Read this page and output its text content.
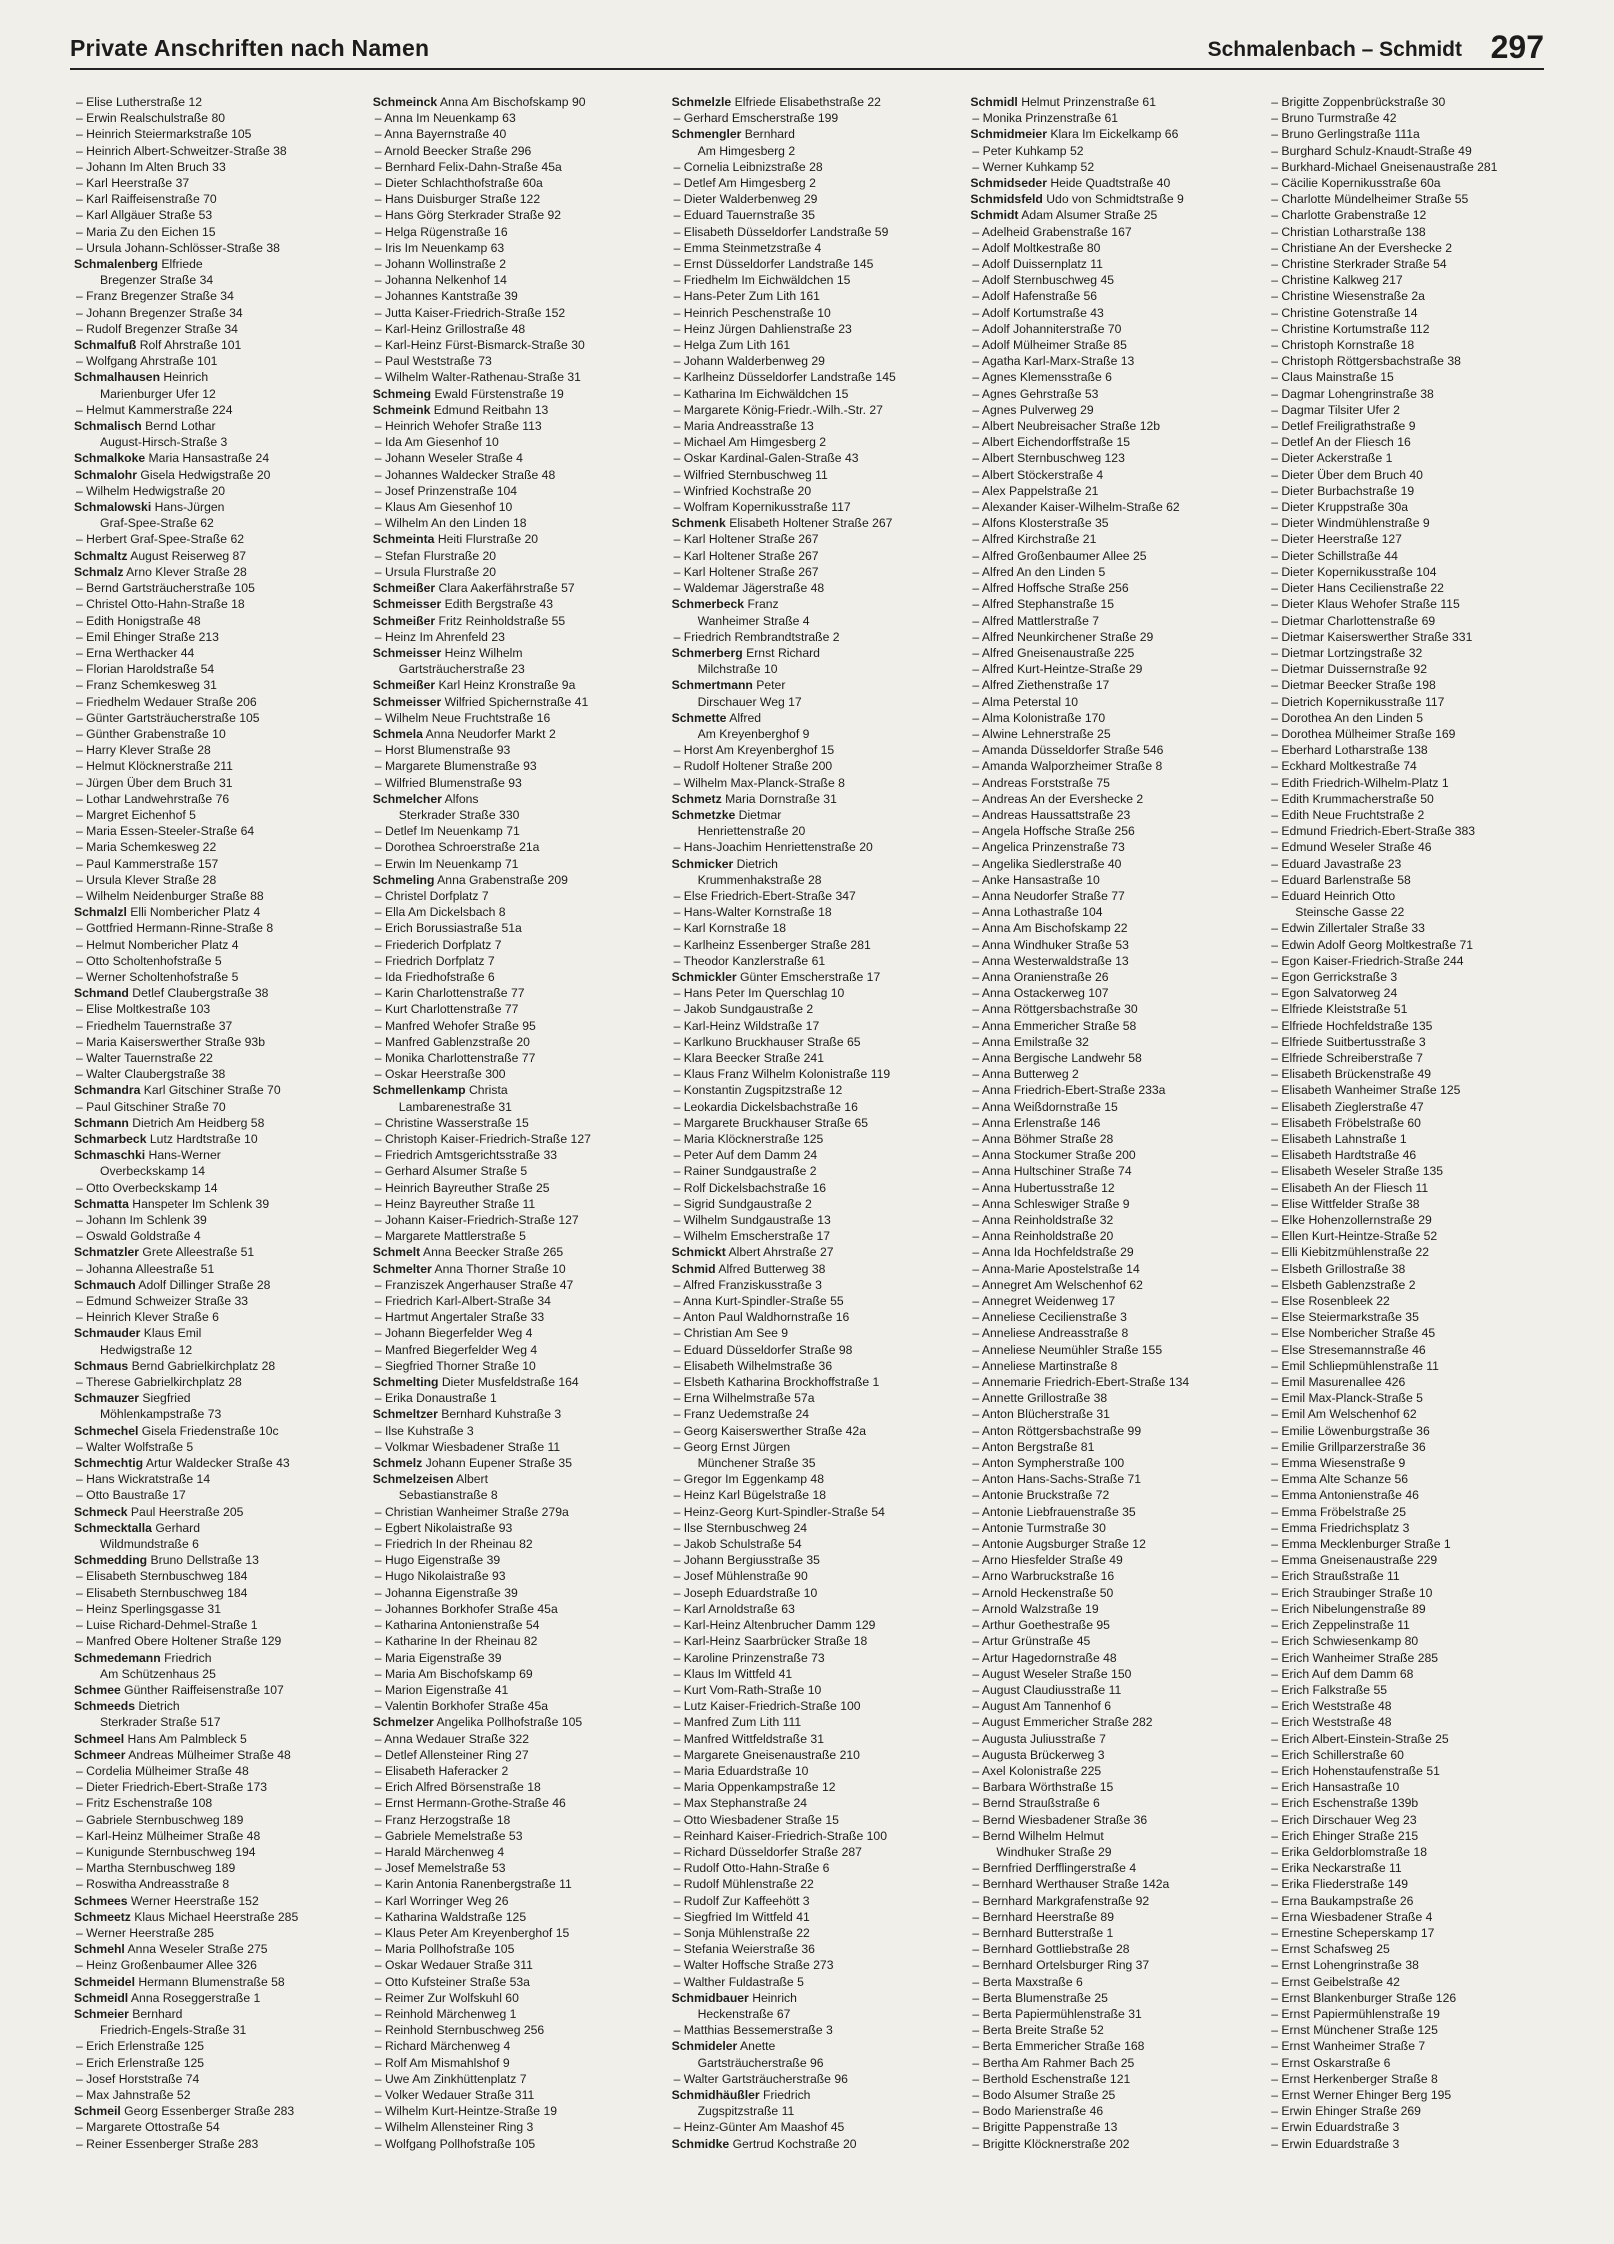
Private Anschriften nach Namen	Schmalenbach – Schmidt 297
– Elise Lutherstraße 12
– Erwin Realschulstraße 80
– Heinrich Steiermarkstraße 105
– Heinrich Albert-Schweitzer-Straße 38
– Johann Im Alten Bruch 33
– Karl Heerstraße 37
– Karl Raiffeisenstraße 70
– Karl Allgäuer Straße 53
– Maria Zu den Eichen 15
– Ursula Johann-Schlösser-Straße 38
Schmalenberg Elfriede
Bregenzer Straße 34
– Franz Bregenzer Straße 34
– Johann Bregenzer Straße 34
– Rudolf Bregenzer Straße 34
Schmalfuß Rolf Ahrstraße 101
– Wolfgang Ahrstraße 101
Schmalhausen Heinrich
Marienburger Ufer 12
– Helmut Kammerstraße 224
Schmalisch Bernd Lothar
August-Hirsch-Straße 3
Schmalkoke Maria Hansastraße 24
Schmalohr Gisela Hedwigstraße 20
– Wilhelm Hedwigstraße 20
Schmalowski Hans-Jürgen
Graf-Spee-Straße 62
– Herbert Graf-Spee-Straße 62
Schmaltz August Reiserweg 87
Schmalz Arno Klever Straße 28
– Bernd Gartsträucherstraße 105
– Christel Otto-Hahn-Straße 18
– Edith Honigstraße 48
– Emil Ehinger Straße 213
– Erna Werthacker 44
– Florian Haroldstraße 54
– Franz Schemkesweg 31
– Friedhelm Wedauer Straße 206
– Günter Gartsträucherstraße 105
– Günther Grabenstraße 10
– Harry Klever Straße 28
– Helmut Klöcknerstraße 211
– Jürgen Über dem Bruch 31
– Lothar Landwehrstraße 76
– Margret Eichenhof 5
– Maria Essen-Steeler-Straße 64
– Maria Schemkesweg 22
– Paul Kammerstraße 157
– Ursula Klever Straße 28
– Wilhelm Neidenburger Straße 88
Schmalzl Elli Nombericher Platz 4
– Gottfried Hermann-Rinne-Straße 8
– Helmut Nombericher Platz 4
– Otto Scholtenhofstraße 5
– Werner Scholtenhofstraße 5
Schmand Detlef Claubergstraße 38
– Elise Moltkestraße 103
– Friedhelm Tauernstraße 37
– Maria Kaiserswerther Straße 93b
– Walter Tauernstraße 22
– Walter Claubergstraße 38
Schmandra Karl Gitschiner Straße 70
– Paul Gitschiner Straße 70
Schmann Dietrich Am Heidberg 58
Schmarbeck Lutz Hardtstraße 10
Schmaschki Hans-Werner
Overbeckskamp 14
– Otto Overbeckskamp 14
Schmatta Hanspeter Im Schlenk 39
– Johann Im Schlenk 39
– Oswald Goldstraße 4
Schmatzler Grete Alleestraße 51
– Johanna Alleestraße 51
Schmauch Adolf Dillinger Straße 28
– Edmund Schweizer Straße 33
– Heinrich Klever Straße 6
Schmauder Klaus Emil
Hedwigstraße 12
Schmaus Bernd Gabrielkirchplatz 28
– Therese Gabrielkirchplatz 28
Schmauzer Siegfried
Möhlenkampstraße 73
Schmechel Gisela Friedenstraße 10c
– Walter Wolfstraße 5
Schmechtig Artur Waldecker Straße 43
– Hans Wickratstraße 14
– Otto Baustraße 17
Schmeck Paul Heerstraße 205
Schmecktalla Gerhard
Wildmundstraße 6
Schmedding Bruno Dellstraße 13
– Elisabeth Sternbuschweg 184
– Elisabeth Sternbuschweg 184
– Heinz Sperlingsgasse 31
– Luise Richard-Dehmel-Straße 1
– Manfred Obere Holtener Straße 129
Schmedemann Friedrich
Am Schützenhaus 25
Schmee Günther Raiffeisenstraße 107
Schmeeds Dietrich
Sterkrader Straße 517
Schmeel Hans Am Palmbleck 5
Schmeer Andreas Mülheimer Straße 48
– Cordelia Mülheimer Straße 48
– Dieter Friedrich-Ebert-Straße 173
– Fritz Eschenstraße 108
– Gabriele Sternbuschweg 189
– Karl-Heinz Mülheimer Straße 48
– Kunigunde Sternbuschweg 194
– Martha Sternbuschweg 189
– Roswitha Andreasstraße 8
Schmees Werner Heerstraße 152
Schmeetz Klaus Michael Heerstraße 285
– Werner Heerstraße 285
Schmehl Anna Weseler Straße 275
– Heinz Großenbaumer Allee 326
Schmeidel Hermann Blumenstraße 58
Schmeidl Anna Roseggerstraße 1
Schmeier Bernhard
Friedrich-Engels-Straße 31
– Erich Erlenstraße 125
– Erich Erlenstraße 125
– Josef Horststraße 74
– Max Jahnstraße 52
Schmeil Georg Essenberger Straße 283
– Margarete Ottostraße 54
– Reiner Essenberger Straße 283
Schmeinck Anna Am Bischofskamp 90
– Anna Im Neuenkamp 63
– Anna Bayernstraße 40
– Arnold Beecker Straße 296
– Bernhard Felix-Dahn-Straße 45a
– Dieter Schlachthofstraße 60a
– Hans Duisburger Straße 122
– Hans Görg Sterkrader Straße 92
– Helga Rügenstraße 16
– Iris Im Neuenkamp 63
– Johann Wollinstraße 2
– Johanna Nelkenhof 14
– Johannes Kantstraße 39
– Jutta Kaiser-Friedrich-Straße 152
– Karl-Heinz Grillostraße 48
– Karl-Heinz Fürst-Bismarck-Straße 30
– Paul Weststraße 73
– Wilhelm Walter-Rathenau-Straße 31
Schmeing Ewald Fürstenstraße 19
Schmeink Edmund Reitbahn 13
– Heinrich Wehofer Straße 113
– Ida Am Giesenhof 10
– Johann Weseler Straße 4
– Johannes Waldecker Straße 48
– Josef Prinzenstraße 104
– Klaus Am Giesenhof 10
– Wilhelm An den Linden 18
Schmeinta Heiti Flurstraße 20
– Stefan Flurstraße 20
– Ursula Flurstraße 20
Schmeißer Clara Aakerfährstraße 57
Schmeisser Edith Bergstraße 43
Schmeißer Fritz Reinholdstraße 55
– Heinz Im Ahrenfeld 23
Schmeisser Heinz Wilhelm
Gartsträucherstraße 23
Schmeißer Karl Heinz Kronstraße 9a
Schmeisser Wilfried Spichernstraße 41
– Wilhelm Neue Fruchtstraße 16
Schmela Anna Neudorfer Markt 2
– Horst Blumenstraße 93
– Margarete Blumenstraße 93
– Wilfried Blumenstraße 93
Schmelcher Alfons
Sterkrader Straße 330
– Detlef Im Neuenkamp 71
– Dorothea Schroerstraße 21a
– Erwin Im Neuenkamp 71
Schmeling Anna Grabenstraße 209
– Christel Dorfplatz 7
– Ella Am Dickelsbach 8
– Erich Borussiastraße 51a
– Friederich Dorfplatz 7
– Friedrich Dorfplatz 7
– Ida Friedhofstraße 6
– Karin Charlottenstraße 77
– Kurt Charlottenstraße 77
– Manfred Wehofer Straße 95
– Manfred Gablenzstraße 20
– Monika Charlottenstraße 77
– Oskar Heerstraße 300
Schmellenkamp Christa
Lambarenestraße 31
– Christine Wasserstraße 15
– Christoph Kaiser-Friedrich-Straße 127
– Friedrich Amtsgerichtsstraße 33
– Gerhard Alsumer Straße 5
– Heinrich Bayreuther Straße 25
– Heinz Bayreuther Straße 11
– Johann Kaiser-Friedrich-Straße 127
– Margarete Mattlerstraße 5
Schmelt Anna Beecker Straße 265
Schmelter Anna Thorner Straße 10
– Franziszek Angerhauser Straße 47
– Friedrich Karl-Albert-Straße 34
– Hartmut Angertaler Straße 33
– Johann Biegerfelder Weg 4
– Manfred Biegerfelder Weg 4
– Siegfried Thorner Straße 10
Schmelting Dieter Musfeldstraße 164
– Erika Donaustraße 1
Schmeltzer Bernhard Kuhstraße 3
– Ilse Kuhstraße 3
– Volkmar Wiesbadener Straße 11
Schmelz Johann Eupener Straße 35
Schmelzeisen Albert
Sebastianstraße 8
– Christian Wanheimer Straße 279a
– Egbert Nikolaistraße 93
– Friedrich In der Rheinau 82
– Hugo Eigenstraße 39
– Hugo Nikolaistraße 93
– Johanna Eigenstraße 39
– Johannes Borkhofer Straße 45a
– Katharina Antonienstraße 54
– Katharine In der Rheinau 82
– Maria Eigenstraße 39
– Maria Am Bischofskamp 69
– Marion Eigenstraße 41
– Valentin Borkhofer Straße 45a
Schmelzer Angelika Pollhofstraße 105
– Anna Wedauer Straße 322
– Detlef Allensteiner Ring 27
– Elisabeth Haferacker 2
– Erich Alfred Börsenstraße 18
– Ernst Hermann-Grothe-Straße 46
– Franz Herzogstraße 18
– Gabriele Memelstraße 53
– Harald Märchenweg 4
– Josef Memelstraße 53
– Karin Antonia Ranenbergstraße 11
– Karl Worringer Weg 26
– Katharina Waldstraße 125
– Klaus Peter Am Kreyenberghof 15
– Maria Pollhofstraße 105
– Oskar Wedauer Straße 311
– Otto Kufsteiner Straße 53a
– Reimer Zur Wolfskuhl 60
– Reinhold Märchenweg 1
– Reinhold Sternbuschweg 256
– Richard Märchenweg 4
– Rolf Am Mismahlshof 9
– Uwe Am Zinkhüttenplatz 7
– Volker Wedauer Straße 311
– Wilhelm Kurt-Heintze-Straße 19
– Wilhelm Allensteiner Ring 3
– Wolfgang Pollhofstraße 105
Schmelzle Elfriede Elisabethstraße 22
– Gerhard Emscherstraße 199
Schmengler Bernhard
Am Himgesberg 2
– Cornelia Leibnizstraße 28
– Detlef Am Himgesberg 2
– Dieter Walderbenweg 29
– Eduard Tauernstraße 35
– Elisabeth Düsseldorfer Landstraße 59
– Emma Steinmetzstraße 4
– Ernst Düsseldorfer Landstraße 145
– Friedhelm Im Eichwäldchen 15
– Hans-Peter Zum Lith 161
– Heinrich Peschenstraße 10
– Heinz Jürgen Dahlienstraße 23
– Helga Zum Lith 161
– Johann Walderbenweg 29
– Karlheinz Düsseldorfer Landstraße 145
– Katharina Im Eichwäldchen 15
– Margarete König-Friedr.-Wilh.-Str. 27
– Maria Andreasstraße 13
– Michael Am Himgesberg 2
– Oskar Kardinal-Galen-Straße 43
– Wilfried Sternbuschweg 11
– Winfried Kochstraße 20
– Wolfram Kopernikusstraße 117
Schmenk Elisabeth Holtener Straße 267
– Karl Holtener Straße 267
– Karl Holtener Straße 267
– Karl Holtener Straße 267
– Waldemar Jägerstraße 48
Schmerbeck Franz
Wanheimer Straße 4
– Friedrich Rembrandtstraße 2
Schmerberg Ernst Richard
Milchstraße 10
Schmertmann Peter
Dirschauer Weg 17
Schmette Alfred
Am Kreyenberghof 9
– Horst Am Kreyenberghof 15
– Rudolf Holtener Straße 200
– Wilhelm Max-Planck-Straße 8
Schmetz Maria Dornstraße 31
Schmetzke Dietmar
Henriettenstraße 20
– Hans-Joachim Henriettenstraße 20
Schmicker Dietrich
Krummenhakstraße 28
– Else Friedrich-Ebert-Straße 347
– Hans-Walter Kornstraße 18
– Karl Kornstraße 18
– Karlheinz Essenberger Straße 281
– Theodor Kanzlerstraße 61
Schmickler Günter Emscherstraße 17
– Hans Peter Im Querschlag 10
– Jakob Sundgaustraße 2
– Karl-Heinz Wildstraße 17
– Karlkuno Bruckhauser Straße 65
– Klara Beecker Straße 241
– Klaus Franz Wilhelm Kolonistraße 119
– Konstantin Zugspitzstraße 12
– Leokardia Dickelsbachstraße 16
– Margarete Bruckhauser Straße 65
– Maria Klöcknerstraße 125
– Peter Auf dem Damm 24
– Rainer Sundgaustraße 2
– Rolf Dickelsbachstraße 16
– Sigrid Sundgaustraße 2
– Wilhelm Sundgaustraße 13
– Wilhelm Emscherstraße 17
Schmickt Albert Ahrstraße 27
Schmid Alfred Butterweg 38
– Alfred Franziskusstraße 3
– Anna Kurt-Spindler-Straße 55
– Anton Paul Waldhornstraße 16
– Christian Am See 9
– Eduard Düsseldorfer Straße 98
– Elisabeth Wilhelmstraße 36
– Elsbeth Katharina Brockhoffstraße 1
– Erna Wilhelmstraße 57a
– Franz Uedemstraße 24
– Georg Kaiserswerther Straße 42a
– Georg Ernst Jürgen
Münchener Straße 35
– Gregor Im Eggenkamp 48
– Heinz Karl Bügelstraße 18
– Heinz-Georg Kurt-Spindler-Straße 54
– Ilse Sternbuschweg 24
– Jakob Schulstraße 54
– Johann Bergiusstraße 35
– Josef Mühlenstraße 90
– Joseph Eduardstraße 10
– Karl Arnoldstraße 63
– Karl-Heinz Altenbrucher Damm 129
– Karl-Heinz Saarbrücker Straße 18
– Karoline Prinzenstraße 73
– Klaus Im Wittfeld 41
– Kurt Vom-Rath-Straße 10
– Lutz Kaiser-Friedrich-Straße 100
– Manfred Zum Lith 111
– Manfred Wittfeldstraße 31
– Margarete Gneisenaustraße 210
– Maria Eduardstraße 10
– Maria Oppenkampstraße 12
– Max Stephanstraße 24
– Otto Wiesbadener Straße 15
– Reinhard Kaiser-Friedrich-Straße 100
– Richard Düsseldorfer Straße 287
– Rudolf Otto-Hahn-Straße 6
– Rudolf Mühlenstraße 22
– Rudolf Zur Kaffeehött 3
– Siegfried Im Wittfeld 41
– Sonja Mühlenstraße 22
– Stefania Weierstraße 36
– Walter Hoffsche Straße 273
– Walther Fuldastraße 5
Schmidbauer Heinrich
Heckenstraße 67
– Matthias Bessemerstraße 3
Schmideler Anette
Gartsträucherstraße 96
– Walter Gartsträucherstraße 96
Schmidhäußler Friedrich
Zugspitzstraße 11
– Heinz-Günter Am Maashof 45
Schmidke Gertrud Kochstraße 20
Schmidl Helmut Prinzenstraße 61
– Monika Prinzenstraße 61
Schmidmeier Klara Im Eickelkamp 66
– Peter Kuhkamp 52
– Werner Kuhkamp 52
Schmidseder Heide Quadtstraße 40
Schmidsfeld Udo von Schmidtstraße 9
Schmidt Adam Alsumer Straße 25
– Adelheid Grabenstraße 167
– Adolf Moltkestraße 80
– Adolf Duissernplatz 11
– Adolf Sternbuschweg 45
– Adolf Hafenstraße 56
– Adolf Kortumstraße 43
– Adolf Johanniterstraße 70
– Adolf Mülheimer Straße 85
– Agatha Karl-Marx-Straße 13
– Agnes Klemensstraße 6
– Agnes Gehrstraße 53
– Agnes Pulverweg 29
– Albert Neubreisacher Straße 12b
– Albert Eichendorffstraße 15
– Albert Sternbuschweg 123
– Albert Stöckerstraße 4
– Alex Pappelstraße 21
– Alexander Kaiser-Wilhelm-Straße 62
– Alfons Klosterstraße 35
– Alfred Kirchstraße 21
– Alfred Großenbaumer Allee 25
– Alfred An den Linden 5
– Alfred Hoffsche Straße 256
– Alfred Stephanstraße 15
– Alfred Mattlerstraße 7
– Alfred Neunkirchener Straße 29
– Alfred Gneisenaustraße 225
– Alfred Kurt-Heintze-Straße 29
– Alfred Ziethenstraße 17
– Alma Peterstal 10
– Alma Kolonistraße 170
– Alwine Lehnerstraße 25
– Amanda Düsseldorfer Straße 546
– Amanda Walporzheimer Straße 8
– Andreas Forststraße 75
– Andreas An der Evershecke 2
– Andreas Haussattstraße 23
– Angela Hoffsche Straße 256
– Angelica Prinzenstraße 73
– Angelika Siedlerstraße 40
– Anke Hansastraße 10
– Anna Neudorfer Straße 77
– Anna Lothastraße 104
– Anna Am Bischofskamp 22
– Anna Windhuker Straße 53
– Anna Westerwaldstraße 13
– Anna Oranienstraße 26
– Anna Ostackerweg 107
– Anna Röttgersbachstraße 30
– Anna Emmericher Straße 58
– Anna Emilstraße 32
– Anna Bergische Landwehr 58
– Anna Butterweg 2
– Anna Friedrich-Ebert-Straße 233a
– Anna Weißdornstraße 15
– Anna Erlenstraße 146
– Anna Böhmer Straße 28
– Anna Stockumer Straße 200
– Anna Hultschiner Straße 74
– Anna Hubertusstraße 12
– Anna Schleswiger Straße 9
– Anna Reinholdstraße 32
– Anna Reinholdstraße 20
– Anna Ida Hochfeldstraße 29
– Anna-Marie Apostelstraße 14
– Annegret Am Welschenhof 62
– Annegret Weidenweg 17
– Anneliese Cecilienstraße 3
– Anneliese Andreasstraße 8
– Anneliese Neumühler Straße 155
– Anneliese Martinstraße 8
– Annemarie Friedrich-Ebert-Straße 134
– Annette Grillostraße 38
– Anton Blücherstraße 31
– Anton Röttgersbachstraße 99
– Anton Bergstraße 81
– Anton Sympherstraße 100
– Anton Hans-Sachs-Straße 71
– Antonie Bruckstraße 72
– Antonie Liebfrauenstraße 35
– Antonie Turmstraße 30
– Antonie Augsburger Straße 12
– Arno Hiesfelder Straße 49
– Arno Warbruckstraße 16
– Arnold Heckenstraße 50
– Arnold Walzstraße 19
– Arthur Goethestraße 95
– Artur Grünstraße 45
– Artur Hagedornstraße 48
– August Weseler Straße 150
– August Claudiusstraße 11
– August Am Tannenhof 6
– August Emmericher Straße 282
– Augusta Juliusstraße 7
– Augusta Brückerweg 3
– Axel Kolonistraße 225
– Barbara Wörthstraße 15
– Bernd Straußstraße 6
– Bernd Wiesbadener Straße 36
– Bernd Wilhelm Helmut
Windhuker Straße 29
– Bernfried Derfflingerstraße 4
– Bernhard Werthauser Straße 142a
– Bernhard Markgrafenstraße 92
– Bernhard Heerstraße 89
– Bernhard Butterstraße 1
– Bernhard Gottliebstraße 28
– Bernhard Ortelsburger Ring 37
– Berta Maxstraße 6
– Berta Blumenstraße 25
– Berta Papiermühlenstraße 31
– Berta Breite Straße 52
– Berta Emmericher Straße 168
– Bertha Am Rahmer Bach 25
– Berthold Eschenstraße 121
– Bodo Alsumer Straße 25
– Bodo Marienstraße 46
– Brigitte Pappenstraße 13
– Brigitte Klöcknerstraße 202
– Brigitte Zoppenbrückstraße 30
– Bruno Turmstraße 42
– Bruno Gerlingstraße 111a
– Burghard Schulz-Knaudt-Straße 49
– Burkhard-Michael Gneisenaustraße 281
– Cäcilie Kopernikusstraße 60a
– Charlotte Mündelheimer Straße 55
– Charlotte Grabenstraße 12
– Christian Lotharstraße 138
– Christiane An der Evershecke 2
– Christine Sterkrader Straße 54
– Christine Kalkweg 217
– Christine Wiesenstraße 2a
– Christine Gotenstraße 14
– Christine Kortumstraße 112
– Christoph Kornstraße 18
– Christoph Röttgersbachstraße 38
– Claus Mainstraße 15
– Dagmar Lohengrinstraße 38
– Dagmar Tilsiter Ufer 2
– Detlef Freiligrathstraße 9
– Detlef An der Fliesch 16
– Dieter Ackerstraße 1
– Dieter Über dem Bruch 40
– Dieter Burbachstraße 19
– Dieter Kruppstraße 30a
– Dieter Windmühlenstraße 9
– Dieter Heerstraße 127
– Dieter Schillstraße 44
– Dieter Kopernikusstraße 104
– Dieter Hans Cecilienstraße 22
– Dieter Klaus Wehofer Straße 115
– Dietmar Charlottenstraße 69
– Dietmar Kaiserswerther Straße 331
– Dietmar Lortzingstraße 32
– Dietmar Duissernstraße 92
– Dietmar Beecker Straße 198
– Dietrich Kopernikusstraße 117
– Dorothea An den Linden 5
– Dorothea Mülheimer Straße 169
– Eberhard Lotharstraße 138
– Eckhard Moltkestraße 74
– Edith Friedrich-Wilhelm-Platz 1
– Edith Krummacherstraße 50
– Edith Neue Fruchtstraße 2
– Edmund Friedrich-Ebert-Straße 383
– Edmund Weseler Straße 46
– Eduard Javastraße 23
– Eduard Barlenstraße 58
– Eduard Heinrich Otto
Steinsche Gasse 22
– Edwin Zillertaler Straße 33
– Edwin Adolf Georg Moltkestraße 71
– Egon Kaiser-Friedrich-Straße 244
– Egon Gerrickstraße 3
– Egon Salvatorweg 24
– Elfriede Kleiststraße 51
– Elfriede Hochfeldstraße 135
– Elfriede Suitbertusstraße 3
– Elfriede Schreiberstraße 7
– Elisabeth Brückenstraße 49
– Elisabeth Wanheimer Straße 125
– Elisabeth Zieglerstraße 47
– Elisabeth Fröbelstraße 60
– Elisabeth Lahnstraße 1
– Elisabeth Hardtstraße 46
– Elisabeth Weseler Straße 135
– Elisabeth An der Fliesch 11
– Elise Wittfelder Straße 38
– Elke Hohenzollernstraße 29
– Ellen Kurt-Heintze-Straße 52
– Elli Kiebitzmühlenstraße 22
– Elsbeth Grillostraße 38
– Elsbeth Gablenzstraße 2
– Else Rosenbleek 22
– Else Steiermarkstraße 35
– Else Nombericher Straße 45
– Else Stresemannstraße 46
– Emil Schliepmühlenstraße 11
– Emil Masurenallee 426
– Emil Max-Planck-Straße 5
– Emil Am Welschenhof 62
– Emilie Löwenburgstraße 36
– Emilie Grillparzerstraße 36
– Emma Wiesenstraße 9
– Emma Alte Schanze 56
– Emma Antonienstraße 46
– Emma Fröbelstraße 25
– Emma Friedrichsplatz 3
– Emma Mecklenburger Straße 1
– Emma Gneisenaustraße 229
– Erich Straußstraße 11
– Erich Straubinger Straße 10
– Erich Nibelungenstraße 89
– Erich Zeppelinstraße 11
– Erich Schwiesenkamp 80
– Erich Wanheimer Straße 285
– Erich Auf dem Damm 68
– Erich Falkstraße 55
– Erich Weststraße 48
– Erich Weststraße 48
– Erich Albert-Einstein-Straße 25
– Erich Schillerstraße 60
– Erich Hohenstaufenstraße 51
– Erich Hansastraße 10
– Erich Eschenstraße 139b
– Erich Dirschauer Weg 23
– Erich Ehinger Straße 215
– Erika Geldorblomstraße 18
– Erika Neckarstraße 11
– Erika Fliederstraße 149
– Erna Baukampstraße 26
– Erna Wiesbadener Straße 4
– Ernestine Scheperskamp 17
– Ernst Schafsweg 25
– Ernst Lohengrinstraße 38
– Ernst Geibelstraße 42
– Ernst Blankenburger Straße 126
– Ernst Papiermühlenstraße 19
– Ernst Münchener Straße 125
– Ernst Wanheimer Straße 7
– Ernst Oskarstraße 6
– Ernst Herkenberger Straße 8
– Ernst Werner Ehinger Berg 195
– Erwin Ehinger Straße 269
– Erwin Eduardstraße 3
– Erwin Eduardstraße 3
